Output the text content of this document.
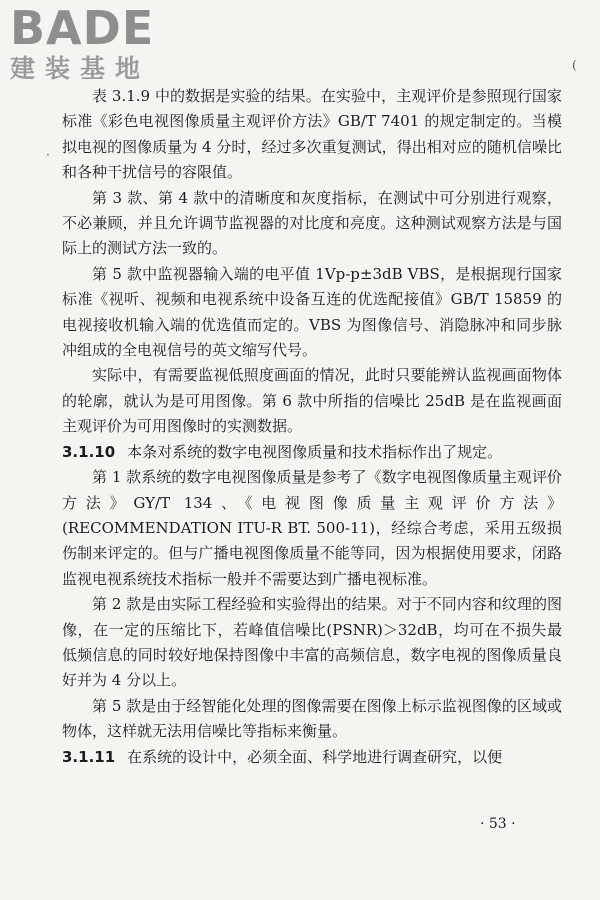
BADE
建装基地	(
·

表 3.1.9 中的数据是实验的结果。在实验中，主观评价是参照现行国家标准《彩色电视图像质量主观评价方法》GB/T 7401 的规定制定的。当模拟电视的图像质量为 4 分时，经过多次重复测试，得出相对应的随机信噪比和各种干扰信号的容限值。

第 3 款、第 4 款中的清晰度和灰度指标，在测试中可分别进行观察，不必兼顾，并且允许调节监视器的对比度和亮度。这种测试观察方法是与国际上的测试方法一致的。

第 5 款中监视器输入端的电平值 1Vp-p±3dB VBS，是根据现行国家标准《视听、视频和电视系统中设备互连的优选配接值》GB/T 15859 的电视接收机输入端的优选值而定的。VBS 为图像信号、消隐脉冲和同步脉冲组成的全电视信号的英文缩写代号。

实际中，有需要监视低照度画面的情况，此时只要能辨认监视画面物体的轮廓，就认为是可用图像。第 6 款中所指的信噪比 25dB 是在监视画面主观评价为可用图像时的实测数据。

3.1.10 本条对系统的数字电视图像质量和技术指标作出了规定。

第 1 款系统的数字电视图像质量是参考了《数字电视图像质量主观评价方法》GY/T 134、《电视图像质量主观评价方法》(RECOMMENDATION ITU-R BT. 500-11)，经综合考虑，采用五级损伤制来评定的。但与广播电视图像质量不能等同，因为根据使用要求，闭路监视电视系统技术指标一般并不需要达到广播电视标准。

第 2 款是由实际工程经验和实验得出的结果。对于不同内容和纹理的图像，在一定的压缩比下，若峰值信噪比(PSNR)＞32dB，均可在不损失最低频信息的同时较好地保持图像中丰富的高频信息，数字电视的图像质量良好并为 4 分以上。

第 5 款是由于经智能化处理的图像需要在图像上标示监视图像的区域或物体，这样就无法用信噪比等指标来衡量。

3.1.11 在系统的设计中，必须全面、科学地进行调查研究，以便

· 53 ·
